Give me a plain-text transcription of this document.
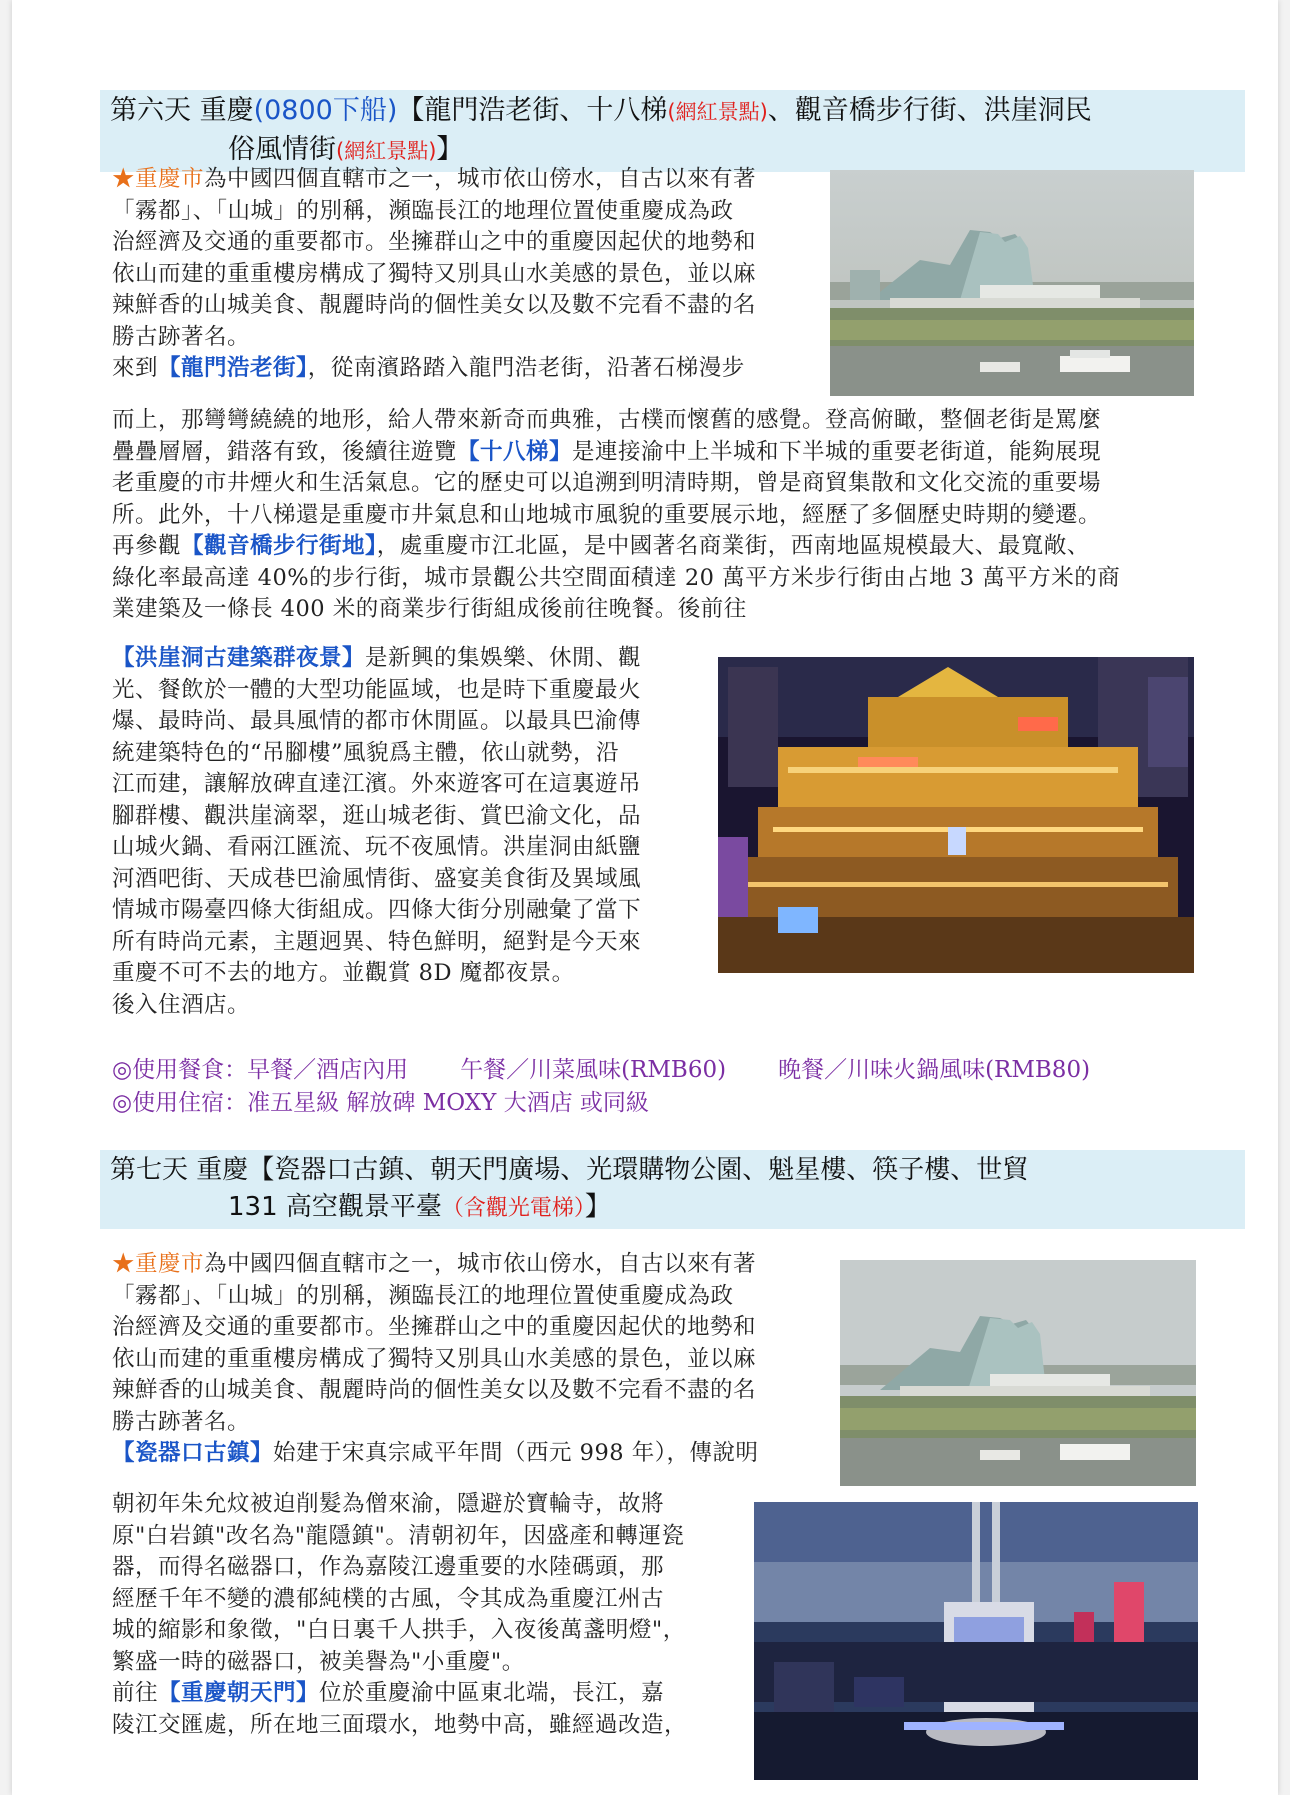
第六天 重慶(0800下船)【龍門浩老街、十八梯(網紅景點)、觀音橋步行街、洪崖洞民
俗風情街(網紅景點)】
★重慶市為中國四個直轄市之一，城市依山傍水，自古以來有著
「霧都」、「山城」的別稱，瀕臨長江的地理位置使重慶成為政
治經濟及交通的重要都市。坐擁群山之中的重慶因起伏的地勢和
依山而建的重重樓房構成了獨特又別具山水美感的景色，並以麻
辣鮮香的山城美食、靚麗時尚的個性美女以及數不完看不盡的名
勝古跡著名。
來到【龍門浩老街】，從南濱路踏入龍門浩老街，沿著石梯漫步
而上，那彎彎繞繞的地形，給人帶來新奇而典雅，古樸而懷舊的感覺。登高俯瞰，整個老街是罵麼
疊疊層層，錯落有致，後續往遊覽【十八梯】是連接渝中上半城和下半城的重要老街道，能夠展現
老重慶的市井煙火和生活氣息。它的歷史可以追溯到明清時期，曾是商貿集散和文化交流的重要場
所。此外，十八梯還是重慶市井氣息和山地城市風貌的重要展示地，經歷了多個歷史時期的變遷。
再參觀【觀音橋步行街地】，處重慶市江北區，是中國著名商業街，西南地區規模最大、最寬敞、
綠化率最高達 40%的步行街，城市景觀公共空間面積達 20 萬平方米步行街由占地 3 萬平方米的商
業建築及一條長 400 米的商業步行街組成後前往晚餐。後前往
【洪崖洞古建築群夜景】是新興的集娛樂、休閒、觀
光、餐飲於一體的大型功能區域，也是時下重慶最火
爆、最時尚、最具風情的都市休閒區。以最具巴渝傳
統建築特色的“吊腳樓”風貌爲主體，依山就勢，沿
江而建，讓解放碑直達江濱。外來遊客可在這裏遊吊
腳群樓、觀洪崖滴翠，逛山城老街、賞巴渝文化，品
山城火鍋、看兩江匯流、玩不夜風情。洪崖洞由紙鹽
河酒吧街、天成巷巴渝風情街、盛宴美食街及異域風
情城市陽臺四條大街組成。四條大街分別融彙了當下
所有時尚元素，主題迥異、特色鮮明，絕對是今天來
重慶不可不去的地方。並觀賞 8D 魔都夜景。
後入住酒店。
◎使用餐食：早餐／酒店內用 午餐／川菜風味(RMB60) 晚餐／川味火鍋風味(RMB80)
◎使用住宿：准五星級 解放碑 MOXY 大酒店 或同級
第七天 重慶【瓷器口古鎮、朝天門廣場、光環購物公園、魁星樓、筷子樓、世貿
131 高空觀景平臺（含觀光電梯）】
★重慶市為中國四個直轄市之一，城市依山傍水，自古以來有著
「霧都」、「山城」的別稱，瀕臨長江的地理位置使重慶成為政
治經濟及交通的重要都市。坐擁群山之中的重慶因起伏的地勢和
依山而建的重重樓房構成了獨特又別具山水美感的景色，並以麻
辣鮮香的山城美食、靚麗時尚的個性美女以及數不完看不盡的名
勝古跡著名。
【瓷器口古鎮】始建于宋真宗咸平年間（西元 998 年），傳說明
朝初年朱允炆被迫削髮為僧來渝，隱避於寶輪寺，故將
原"白岩鎮"改名為"龍隱鎮"。清朝初年，因盛產和轉運瓷
器，而得名磁器口，作為嘉陵江邊重要的水陸碼頭，那
經歷千年不變的濃郁純樸的古風，令其成為重慶江州古
城的縮影和象徵，"白日裏千人拱手，入夜後萬盞明燈"，
繁盛一時的磁器口，被美譽為"小重慶"。
前往【重慶朝天門】位於重慶渝中區東北端，長江，嘉
陵江交匯處，所在地三面環水，地勢中高，雖經過改造，
